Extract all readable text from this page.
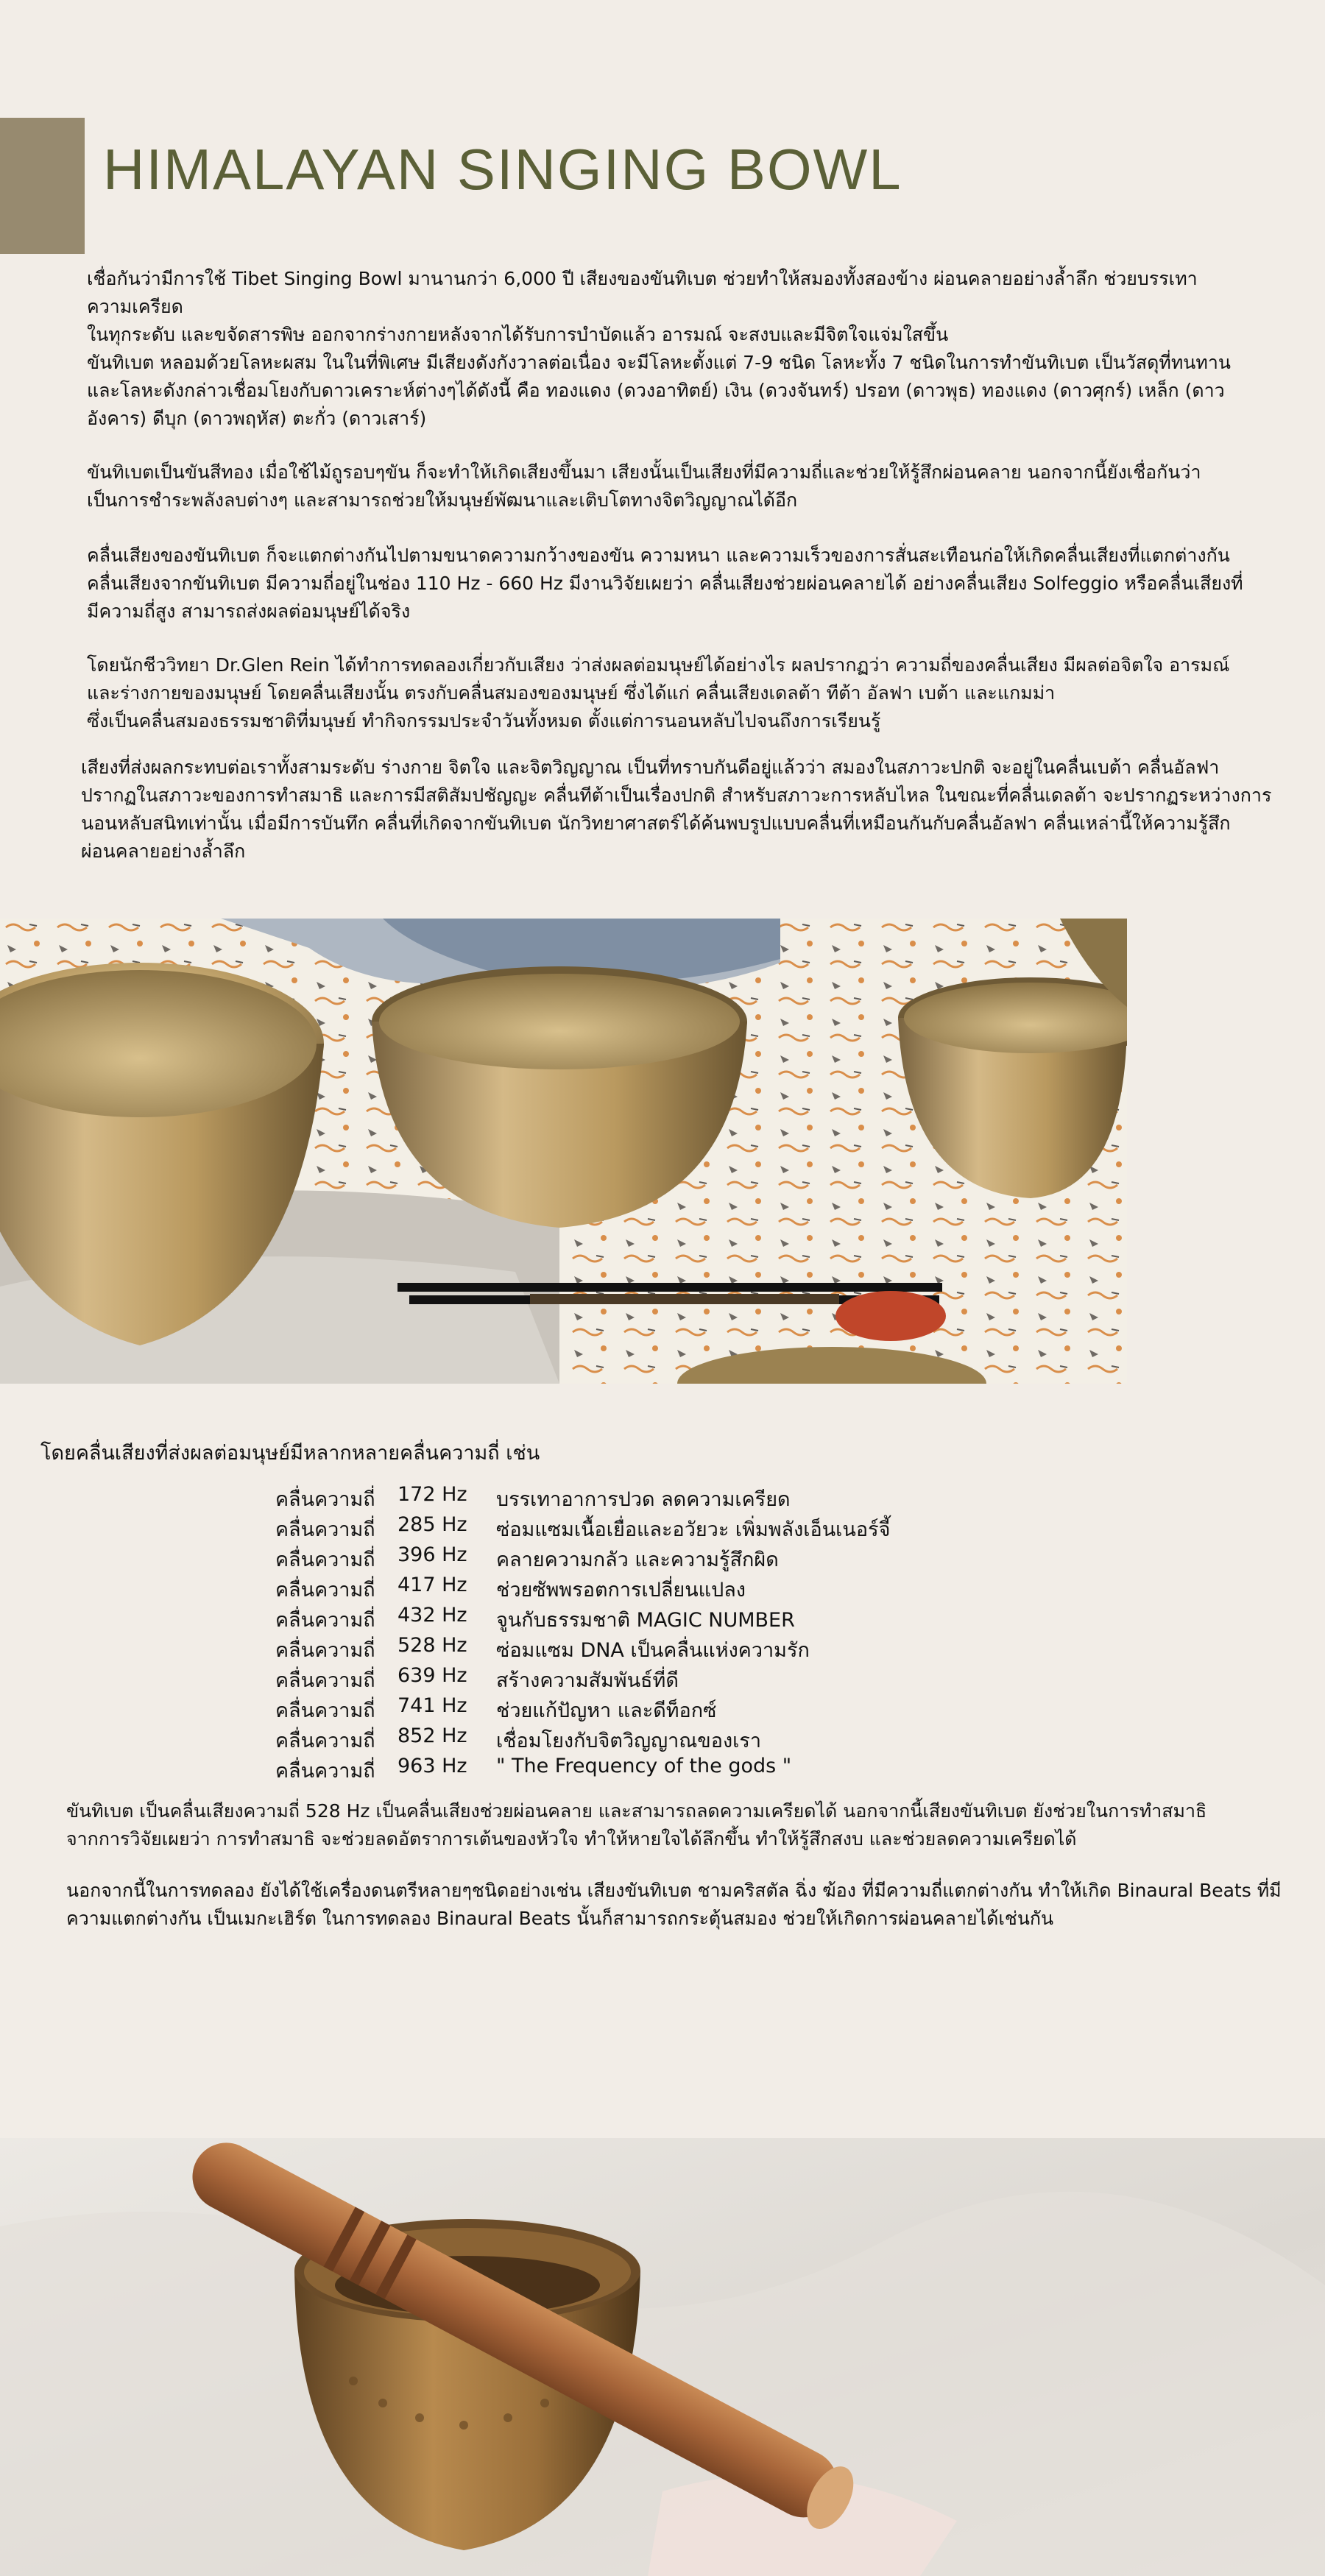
HIMALAYAN SINGING BOWL
เชื่อกันว่ามีการใช้ Tibet Singing Bowl มานานกว่า 6,000 ปี เสียงของขันทิเบต ช่วยทำให้สมองทั้งสองข้าง ผ่อนคลายอย่างล้ำลึก ช่วยบรรเทา
ความเครียด
ในทุกระดับ และขจัดสารพิษ ออกจากร่างกายหลังจากได้รับการบำบัดแล้ว อารมณ์ จะสงบและมีจิตใจแจ่มใสขึ้น
ขันทิเบต หลอมด้วยโลหะผสม ในในที่พิเศษ มีเสียงดังกังวาลต่อเนื่อง จะมีโลหะตั้งแต่ 7-9 ชนิด โลหะทั้ง 7 ชนิดในการทำขันทิเบต เป็นวัสดุที่ทนทาน
และโลหะดังกล่าวเชื่อมโยงกับดาวเคราะห์ต่างๆได้ดังนี้ คือ ทองแดง (ดวงอาทิตย์) เงิน (ดวงจันทร์) ปรอท (ดาวพุธ) ทองแดง (ดาวศุกร์) เหล็ก (ดาว
อังคาร) ดีบุก (ดาวพฤหัส) ตะกั่ว (ดาวเสาร์)
ขันทิเบตเป็นขันสีทอง เมื่อใช้ไม้ถูรอบๆขัน ก็จะทำให้เกิดเสียงขึ้นมา เสียงนั้นเป็นเสียงที่มีความถี่และช่วยให้รู้สึกผ่อนคลาย นอกจากนี้ยังเชื่อกันว่า
เป็นการชำระพลังลบต่างๆ และสามารถช่วยให้มนุษย์พัฒนาและเติบโตทางจิตวิญญาณได้อีก
คลื่นเสียงของขันทิเบต ก็จะแตกต่างกันไปตามขนาดความกว้างของขัน ความหนา และความเร็วของการสั่นสะเทือนก่อให้เกิดคลื่นเสียงที่แตกต่างกัน
คลื่นเสียงจากขันทิเบต มีความถี่อยู่ในช่อง 110 Hz - 660 Hz มีงานวิจัยเผยว่า คลื่นเสียงช่วยผ่อนคลายได้ อย่างคลื่นเสียง Solfeggio หรือคลื่นเสียงที่
มีความถี่สูง สามารถส่งผลต่อมนุษย์ได้จริง
โดยนักชีววิทยา Dr.Glen Rein ได้ทำการทดลองเกี่ยวกับเสียง ว่าส่งผลต่อมนุษย์ได้อย่างไร ผลปรากฏว่า ความถี่ของคลื่นเสียง มีผลต่อจิตใจ อารมณ์
และร่างกายของมนุษย์ โดยคลื่นเสียงนั้น ตรงกับคลื่นสมองของมนุษย์ ซึ่งได้แก่ คลื่นเสียงเดลต้า ทีต้า อัลฟา เบต้า และแกมม่า
ซึ่งเป็นคลื่นสมองธรรมชาติที่มนุษย์ ทำกิจกรรมประจำวันทั้งหมด ตั้งแต่การนอนหลับไปจนถึงการเรียนรู้
เสียงที่ส่งผลกระทบต่อเราทั้งสามระดับ ร่างกาย จิตใจ และจิตวิญญาณ เป็นที่ทราบกันดีอยู่แล้วว่า สมองในสภาวะปกติ จะอยู่ในคลื่นเบต้า คลื่นอัลฟา
ปรากฏในสภาวะของการทำสมาธิ และการมีสติสัมปชัญญะ คลื่นทีต้าเป็นเรื่องปกติ สำหรับสภาวะการหลับไหล ในขณะที่คลื่นเดลต้า จะปรากฏระหว่างการ
นอนหลับสนิทเท่านั้น เมื่อมีการบันทึก คลื่นที่เกิดจากขันทิเบต นักวิทยาศาสตร์ได้ค้นพบรูปแบบคลื่นที่เหมือนกันกับคลื่นอัลฟา คลื่นเหล่านี้ให้ความรู้สึก
ผ่อนคลายอย่างล้ำลึก

โดยคลื่นเสียงที่ส่งผลต่อมนุษย์มีหลากหลายคลื่นความถี่ เช่น

คลื่นความถี่ 172 Hz บรรเทาอาการปวด ลดความเครียด
คลื่นความถี่ 285 Hz ซ่อมแซมเนื้อเยื่อและอวัยวะ เพิ่มพลังเอ็นเนอร์จี้
คลื่นความถี่ 396 Hz คลายความกลัว และความรู้สึกผิด
คลื่นความถี่ 417 Hz ช่วยซัพพรอตการเปลี่ยนแปลง
คลื่นความถี่ 432 Hz จูนกับธรรมชาติ MAGIC NUMBER
คลื่นความถี่ 528 Hz ซ่อมแซม DNA เป็นคลื่นแห่งความรัก
คลื่นความถี่ 639 Hz สร้างความสัมพันธ์ที่ดี
คลื่นความถี่ 741 Hz ช่วยแก้ปัญหา และดีท็อกซ์
คลื่นความถี่ 852 Hz เชื่อมโยงกับจิตวิญญาณของเรา
คลื่นความถี่ 963 Hz " The Frequency of the gods "
ขันทิเบต เป็นคลื่นเสียงความถี่ 528 Hz เป็นคลื่นเสียงช่วยผ่อนคลาย และสามารถลดความเครียดได้ นอกจากนี้เสียงขันทิเบต ยังช่วยในการทำสมาธิ
จากการวิจัยเผยว่า การทำสมาธิ จะช่วยลดอัตราการเต้นของหัวใจ ทำให้หายใจได้ลึกขึ้น ทำให้รู้สึกสงบ และช่วยลดความเครียดได้
นอกจากนี้ในการทดลอง ยังได้ใช้เครื่องดนตรีหลายๆชนิดอย่างเช่น เสียงขันทิเบต ชามคริสตัล ฉิ่ง ฆ้อง ที่มีความถี่แตกต่างกัน ทำให้เกิด Binaural Beats ที่มี
ความแตกต่างกัน เป็นเมกะเฮิร์ต ในการทดลอง Binaural Beats นั้นก็สามารถกระตุ้นสมอง ช่วยให้เกิดการผ่อนคลายได้เช่นกัน
